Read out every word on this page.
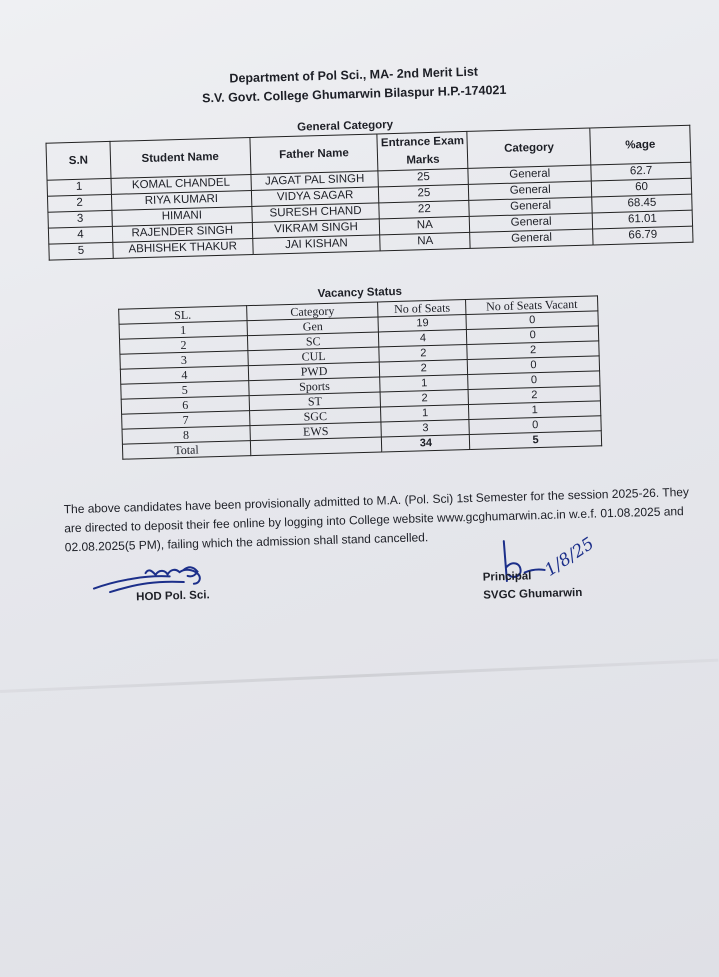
Department of Pol Sci., MA- 2nd Merit List
S.V. Govt. College Ghumarwin Bilaspur H.P.-174021
General Category
S.N	Student Name	Father Name	Entrance Exam Marks	Category	%age
1	KOMAL CHANDEL	JAGAT PAL SINGH	25	General	62.7
2	RIYA KUMARI	VIDYA SAGAR	25	General	60
3	HIMANI	SURESH CHAND	22	General	68.45
4	RAJENDER SINGH	VIKRAM SINGH	NA	General	61.01
5	ABHISHEK THAKUR	JAI KISHAN	NA	General	66.79
Vacancy Status
SL.	Category	No of Seats	No of Seats Vacant
1	Gen	19	0
2	SC	4	0
3	CUL	2	2
4	PWD	2	0
5	Sports	1	0
6	ST	2	2
7	SGC	1	1
8	EWS	3	0
Total		34	5
The above candidates have been provisionally admitted to M.A. (Pol. Sci) 1st Semester for the session 2025-26. They are directed to deposit their fee online by logging into College website www.gcghumarwin.ac.in w.e.f. 01.08.2025 and 02.08.2025(5 PM), failing which the admission shall stand cancelled.
HOD Pol. Sci.
1/8/25
Principal
SVGC Ghumarwin
